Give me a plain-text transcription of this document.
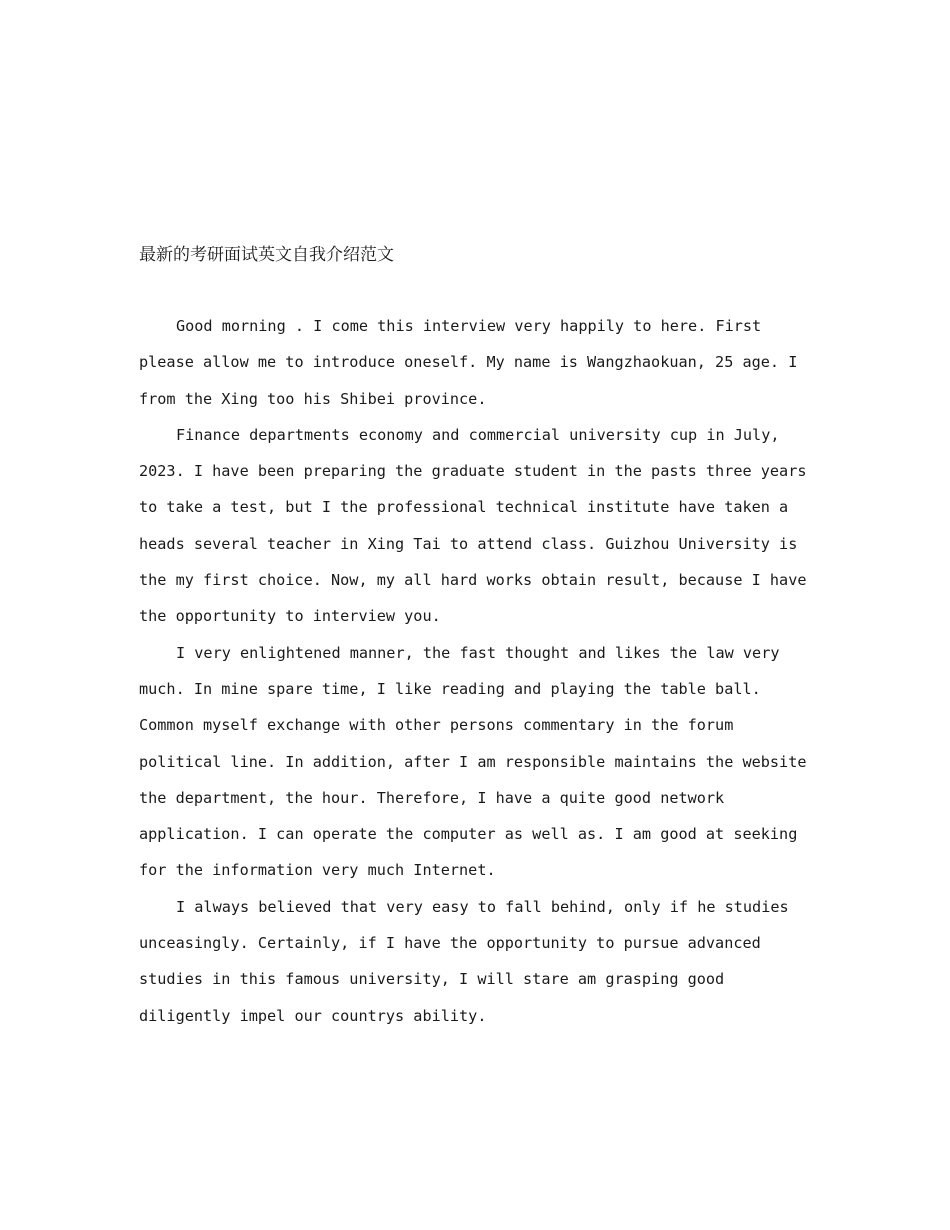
最新的考研面试英文自我介绍范文

Good morning . I come this interview very happily to here. First please allow me to introduce oneself. My name is Wangzhaokuan, 25 age. I from the Xing too his Shibei province.

Finance departments economy and commercial university cup in July, 2023. I have been preparing the graduate student in the pasts three years to take a test, but I the professional technical institute have taken a heads several teacher in Xing Tai to attend class. Guizhou University is the my first choice. Now, my all hard works obtain result, because I have the opportunity to interview you.

I very enlightened manner, the fast thought and likes the law very much. In mine spare time, I like reading and playing the table ball. Common myself exchange with other persons commentary in the forum political line. In addition, after I am responsible maintains the website the department, the hour. Therefore, I have a quite good network application. I can operate the computer as well as. I am good at seeking for the information very much Internet.

I always believed that very easy to fall behind, only if he studies unceasingly. Certainly, if I have the opportunity to pursue advanced studies in this famous university, I will stare am grasping good diligently impel our countrys ability.
